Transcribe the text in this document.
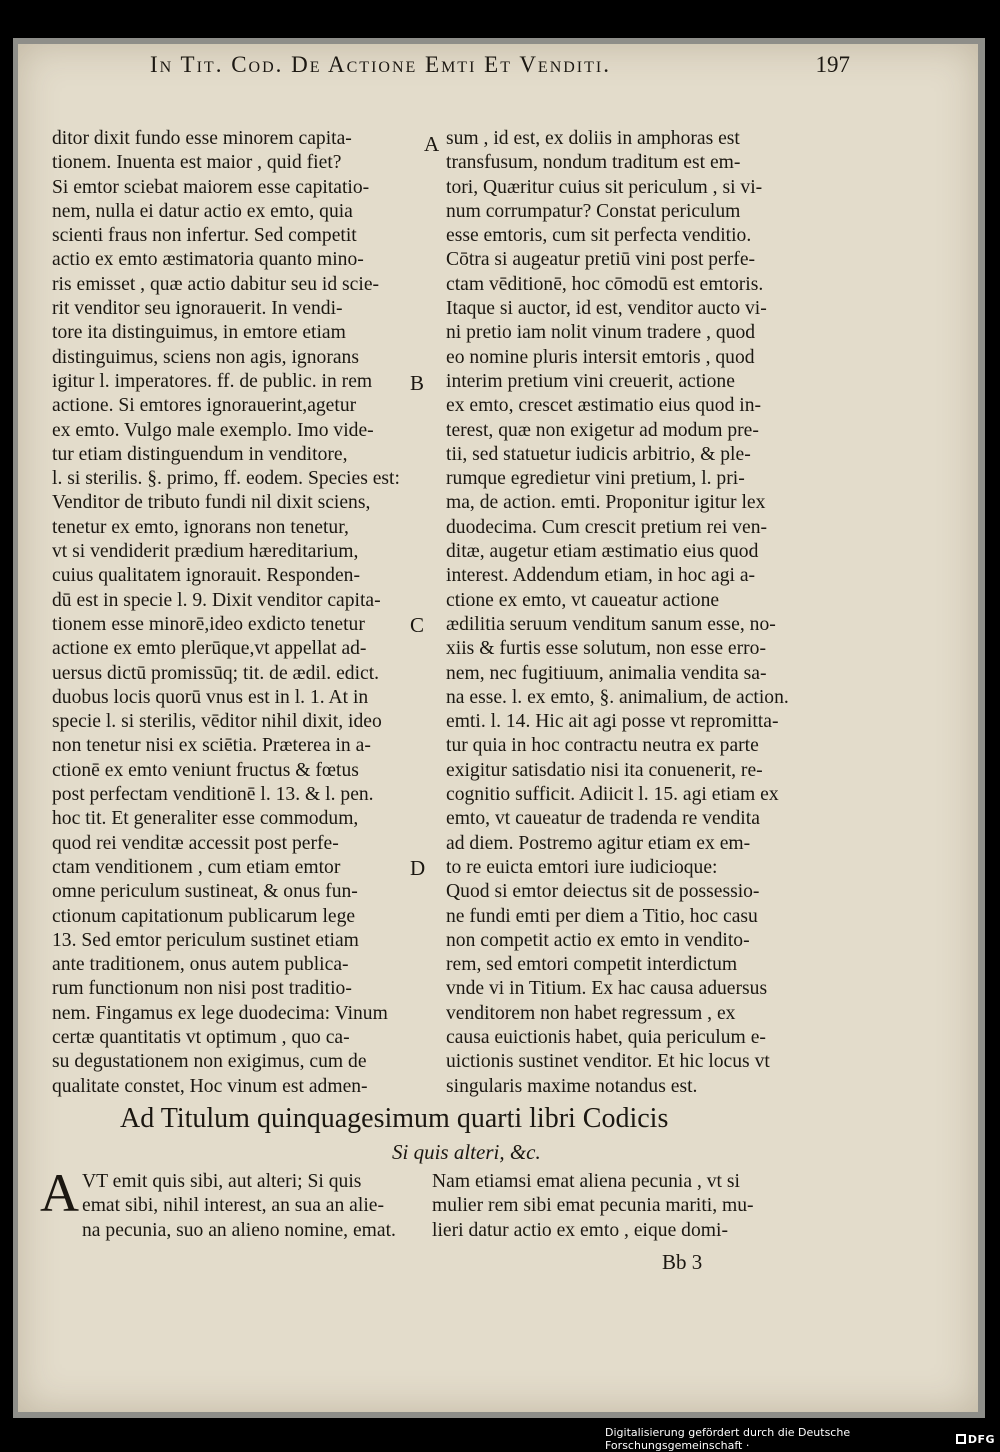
In Tit. Cod. De Actione Emti Et Venditi.	197
ditor dixit fundo esse minorem capita-
tionem. Inuenta est maior , quid fiet?
Si emtor sciebat maiorem esse capitatio-
nem, nulla ei datur actio ex emto, quia
scienti fraus non infertur. Sed competit
actio ex emto æstimatoria quanto mino-
ris emisset , quæ actio dabitur seu id scie-
rit venditor seu ignorauerit. In vendi-
tore ita distinguimus, in emtore etiam
distinguimus, sciens non agis, ignorans
igitur l. imperatores. ff. de public. in rem
actione. Si emtores ignorauerint,agetur
ex emto. Vulgo male exemplo. Imo vide-
tur etiam distinguendum in venditore,
l. si sterilis. §. primo, ff. eodem. Species est:
Venditor de tributo fundi nil dixit sciens,
tenetur ex emto, ignorans non tenetur,
vt si vendiderit prædium hæreditarium,
cuius qualitatem ignorauit. Responden-
dū est in specie l. 9. Dixit venditor capita-
tionem esse minorē,ideo exdicto tenetur
actione ex emto plerūque,vt appellat ad-
uersus dictū promissūq; tit. de ædil. edict.
duobus locis quorū vnus est in l. 1. At in
specie l. si sterilis, vēditor nihil dixit, ideo
non tenetur nisi ex sciētia. Præterea in a-
ctionē ex emto veniunt fructus & fœtus
post perfectam venditionē l. 13. & l. pen.
hoc tit. Et generaliter esse commodum,
quod rei venditæ accessit post perfe-
ctam venditionem , cum etiam emtor
omne periculum sustineat, & onus fun-
ctionum capitationum publicarum lege
13. Sed emtor periculum sustinet etiam
ante traditionem, onus autem publica-
rum functionum non nisi post traditio-
nem. Fingamus ex lege duodecima: Vinum
certæ quantitatis vt optimum , quo ca-
su degustationem non exigimus, cum de
qualitate constet, Hoc vinum est admen-
sum , id est, ex doliis in amphoras est
transfusum, nondum traditum est em-
tori, Quæritur cuius sit periculum , si vi-
num corrumpatur? Constat periculum
esse emtoris, cum sit perfecta venditio.
Cōtra si augeatur pretiū vini post perfe-
ctam vēditionē, hoc cōmodū est emtoris.
Itaque si auctor, id est, venditor aucto vi-
ni pretio iam nolit vinum tradere , quod
eo nomine pluris intersit emtoris , quod
interim pretium vini creuerit, actione
ex emto, crescet æstimatio eius quod in-
terest, quæ non exigetur ad modum pre-
tii, sed statuetur iudicis arbitrio, & ple-
rumque egredietur vini pretium, l. pri-
ma, de action. emti. Proponitur igitur lex
duodecima. Cum crescit pretium rei ven-
ditæ, augetur etiam æstimatio eius quod
interest. Addendum etiam, in hoc agi a-
ctione ex emto, vt caueatur actione
ædilitia seruum venditum sanum esse, no-
xiis & furtis esse solutum, non esse erro-
nem, nec fugitiuum, animalia vendita sa-
na esse. l. ex emto, §. animalium, de action.
emti. l. 14. Hic ait agi posse vt repromitta-
tur quia in hoc contractu neutra ex parte
exigitur satisdatio nisi ita conuenerit, re-
cognitio sufficit. Adiicit l. 15. agi etiam ex
emto, vt caueatur de tradenda re vendita
ad diem. Postremo agitur etiam ex em-
to re euicta emtori iure iudicioque:
Quod si emtor deiectus sit de possessio-
ne fundi emti per diem a Titio, hoc casu
non competit actio ex emto in vendito-
rem, sed emtori competit interdictum
vnde vi in Titium. Ex hac causa aduersus
venditorem non habet regressum , ex
causa euictionis habet, quia periculum e-
uictionis sustinet venditor. Et hic locus vt
singularis maxime notandus est.
A
B
C
D
Ad Titulum quinquagesimum quarti libri Codicis
Si quis alteri, &c.
A VT emit quis sibi, aut alteri; Si quis
emat sibi, nihil interest, an sua an alie-
na pecunia, suo an alieno nomine, emat.
Nam etiamsi emat aliena pecunia , vt si
mulier rem sibi emat pecunia mariti, mu-
lieri datur actio ex emto , eique domi-
Bb 3
Digitalisierung gefördert durch die Deutsche Forschungsgemeinschaft ·	DFG
